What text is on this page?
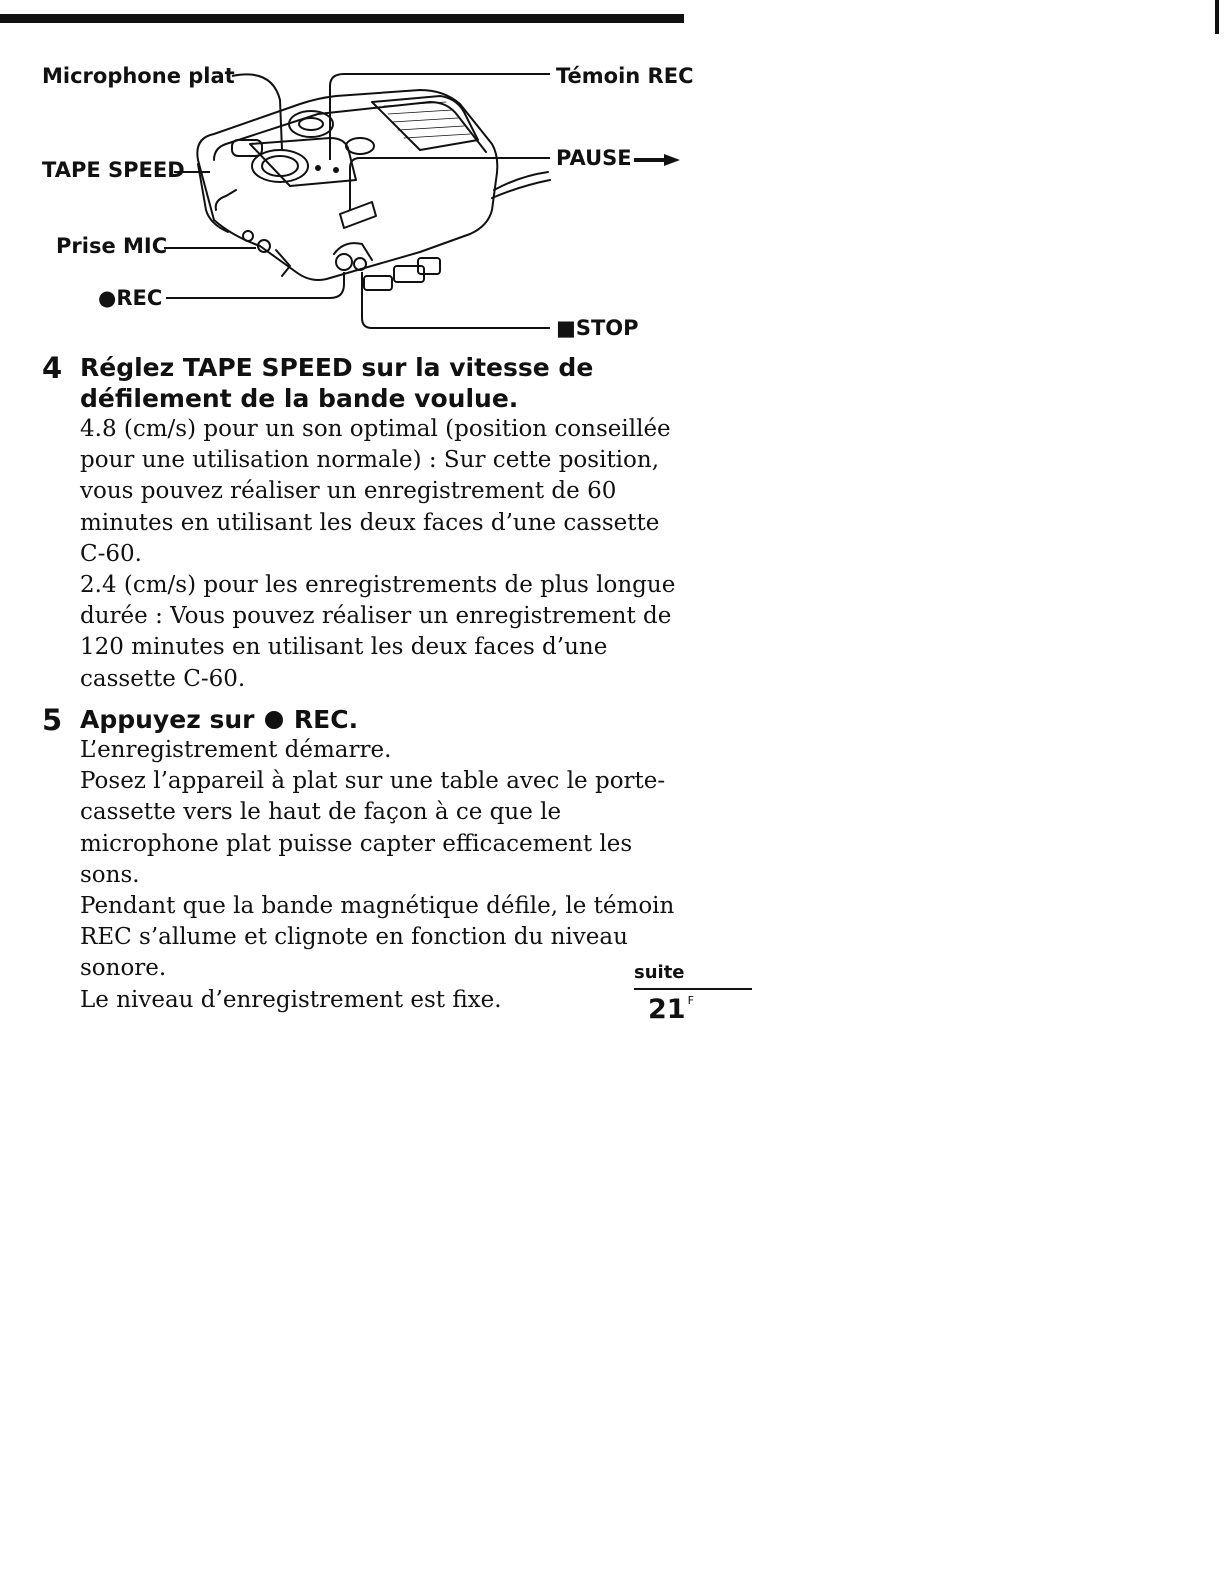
Microphone plat	Témoin REC
TAPE SPEED	PAUSE
Prise MIC
●REC
■STOP
4 Réglez TAPE SPEED sur la vitesse de défilement de la bande voulue.

4.8 (cm/s) pour un son optimal (position conseillée pour une utilisation normale) : Sur cette position, vous pouvez réaliser un enregistrement de 60 minutes en utilisant les deux faces d’une cassette C-60.

2.4 (cm/s) pour les enregistrements de plus longue durée : Vous pouvez réaliser un enregistrement de 120 minutes en utilisant les deux faces d’une cassette C-60.

5 Appuyez sur REC.

L’enregistrement démarre.

Posez l’appareil à plat sur une table avec le porte-cassette vers le haut de façon à ce que le microphone plat puisse capter efficacement les sons.

Pendant que la bande magnétique défile, le témoin REC s’allume et clignote en fonction du niveau sonore.

Le niveau d’enregistrement est fixe.

suite
21 $^F$
